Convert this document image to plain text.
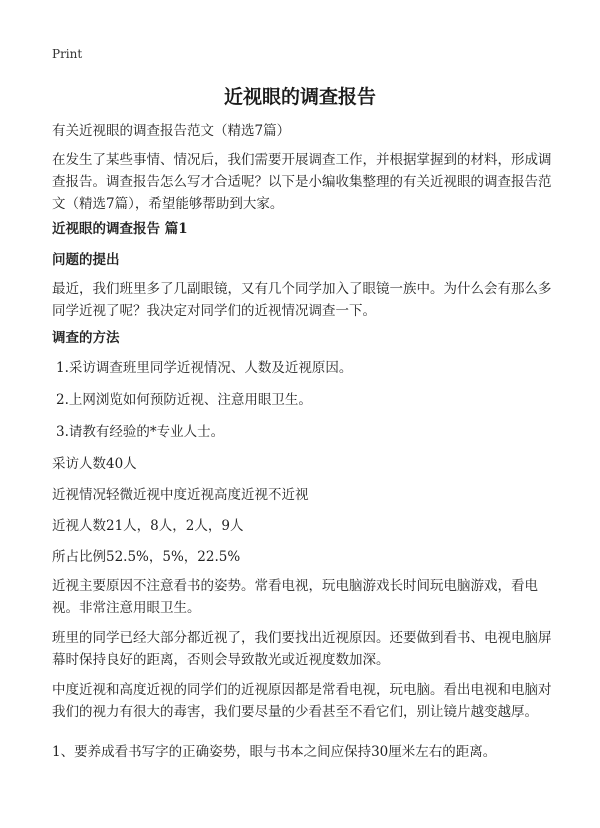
Print
近视眼的调查报告
有关近视眼的调查报告范文（精选7篇）
在发生了某些事情、情况后，我们需要开展调查工作，并根据掌握到的材料，形成调查报告。调查报告怎么写才合适呢？以下是小编收集整理的有关近视眼的调查报告范文（精选7篇），希望能够帮助到大家。
近视眼的调查报告 篇1
问题的提出
最近，我们班里多了几副眼镜，又有几个同学加入了眼镜一族中。为什么会有那么多同学近视了呢？我决定对同学们的近视情况调查一下。
调查的方法
1.采访调查班里同学近视情况、人数及近视原因。
2.上网浏览如何预防近视、注意用眼卫生。
3.请教有经验的*专业人士。
采访人数40人
近视情况轻微近视中度近视高度近视不近视
近视人数21人，8人，2人，9人
所占比例52.5%，5%，22.5%
近视主要原因不注意看书的姿势。常看电视，玩电脑游戏长时间玩电脑游戏，看电视。非常注意用眼卫生。
班里的同学已经大部分都近视了，我们要找出近视原因。还要做到看书、电视电脑屏幕时保持良好的距离，否则会导致散光或近视度数加深。
中度近视和高度近视的同学们的近视原因都是常看电视，玩电脑。看出电视和电脑对我们的视力有很大的毒害，我们要尽量的少看甚至不看它们，别让镜片越变越厚。
1、要养成看书写字的正确姿势，眼与书本之间应保持30厘米左右的距离。
